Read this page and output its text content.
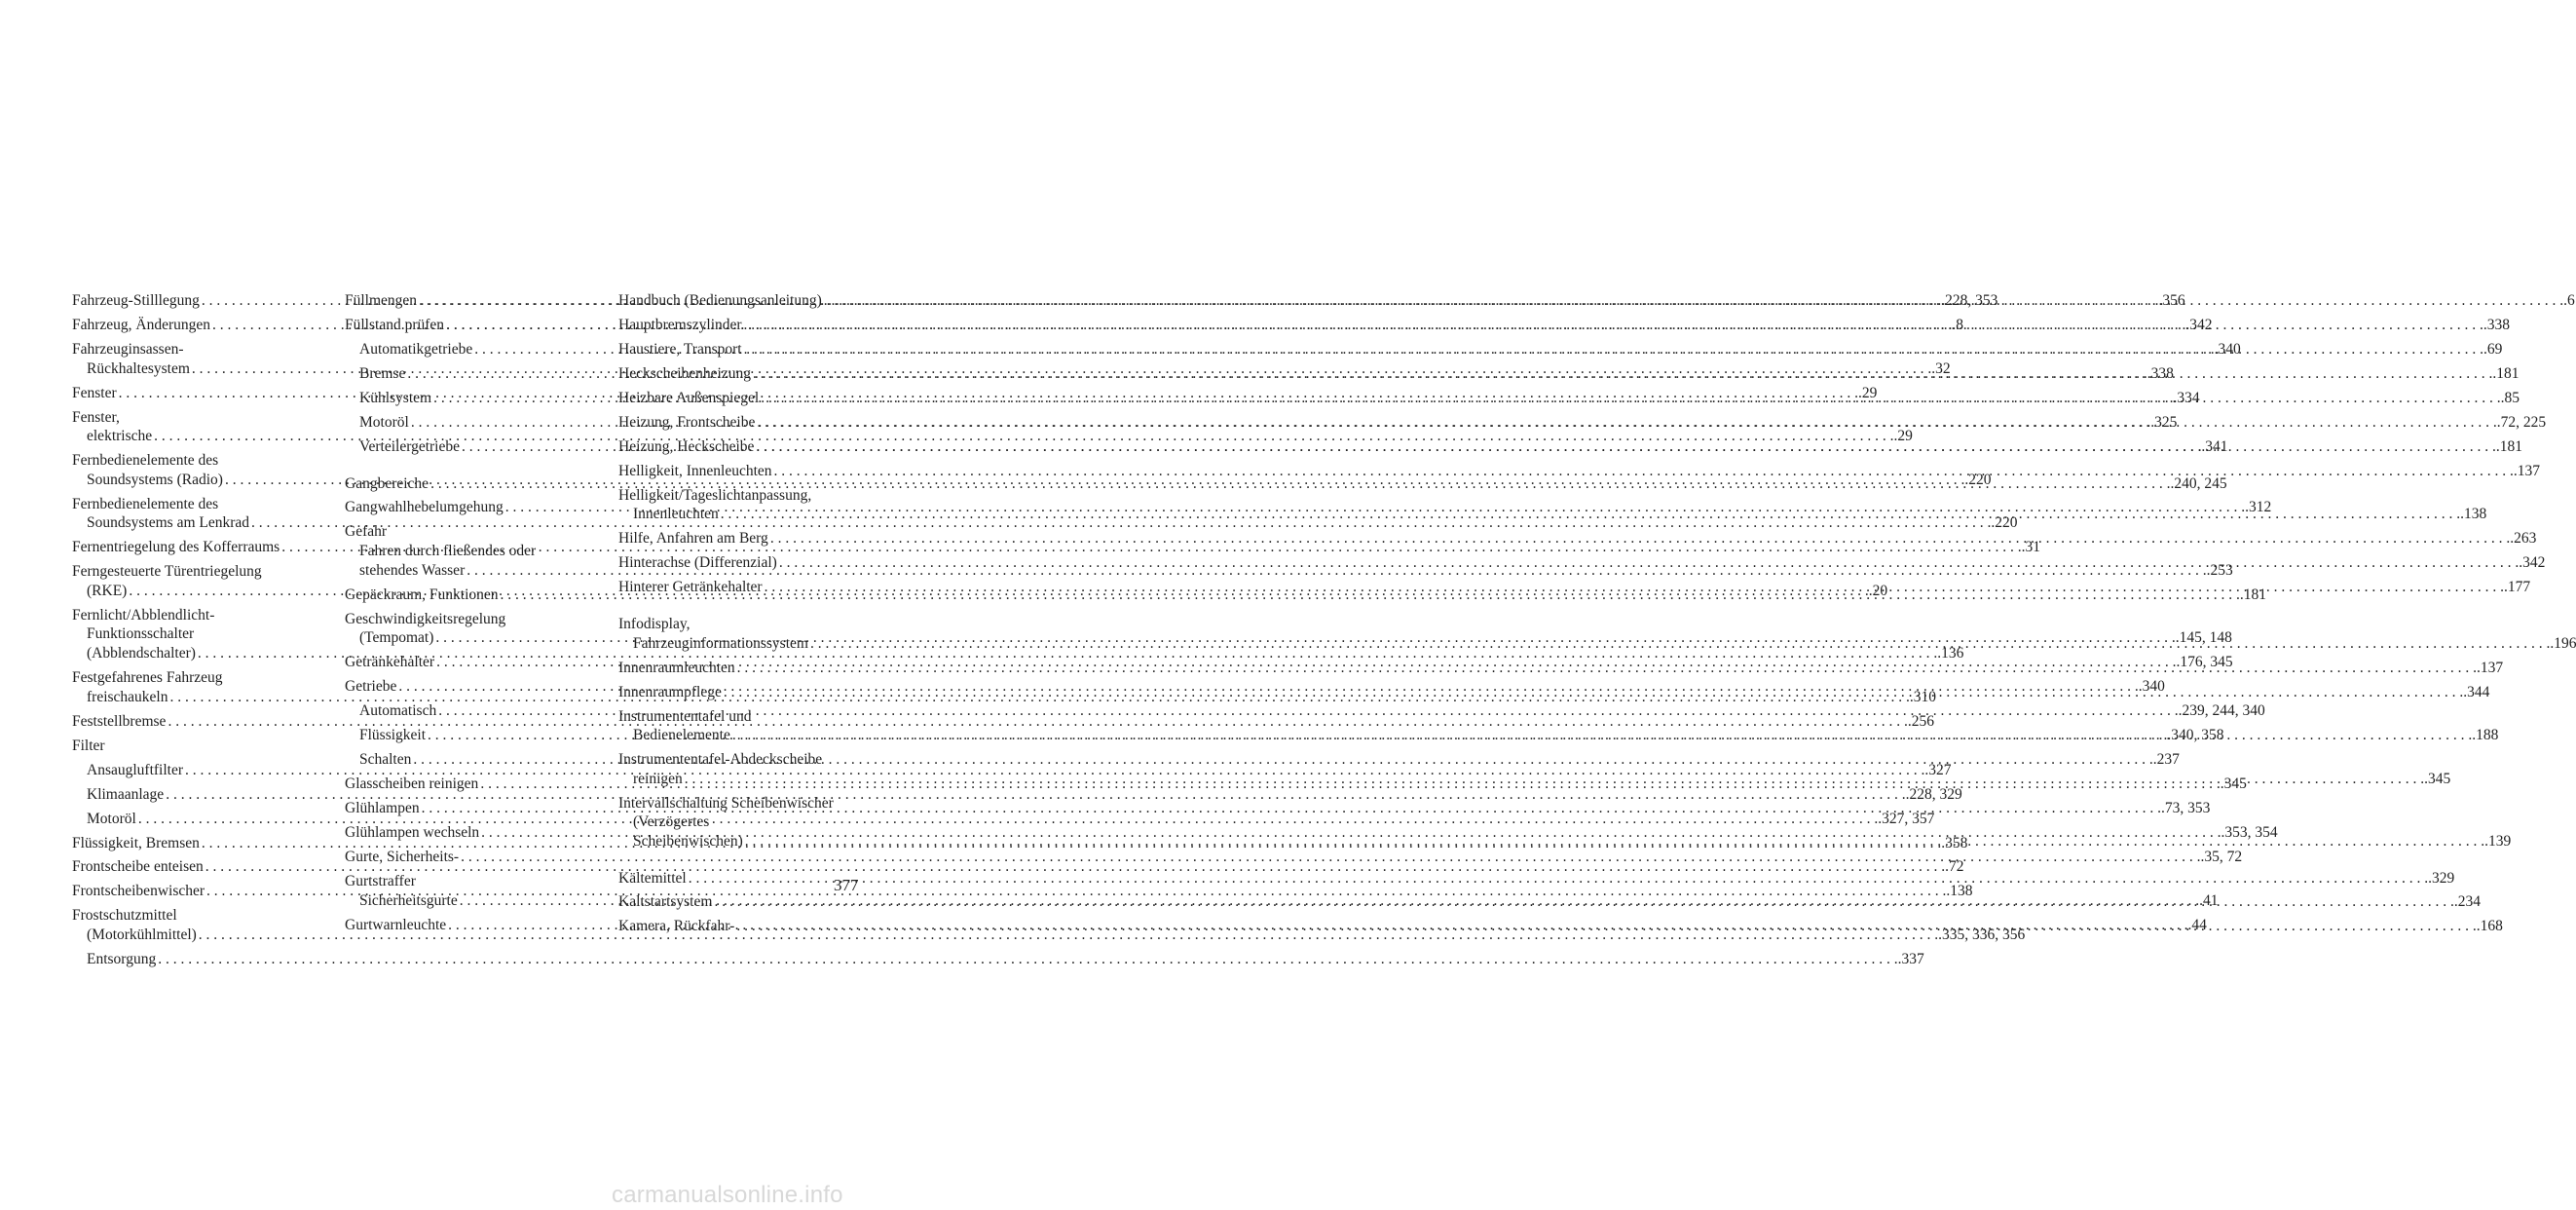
Fahrzeug-Stilllegung . . .	.228, 353
Fahrzeug, Änderungen . . .	.8
Fahrzeuginsassen-
Rückhaltesystem . . .	.32
Fenster . . .	.29
Fenster,
elektrische . . .	.29
Fernbedienelemente des
Soundsystems (Radio) . . .	.220
Fernbedienelemente des
Soundsystems am Lenkrad . . .	.220
Fernentriegelung des Kofferraums . . .	.31
Ferngesteuerte Türentriegelung
(RKE) . . .	.20
Fernlicht/Abblendlicht-
Funktionsschalter
(Abblendschalter) . . .	.136
Festgefahrenes Fahrzeug
freischaukeln . . .	.310
Feststellbremse . . .	.256
Filter
Ansaugluftfilter . . .	.327
Klimaanlage . . .	.228, 329
Motoröl . . .	.327, 357
Flüssigkeit, Bremsen . . .	.358
Frontscheibe enteisen . . .	.72
Frontscheibenwischer . . .	.138
Frostschutzmittel
(Motorkühlmittel) . . .	.335, 336, 356
Entsorgung . . .	.337
Füllmengen . . .	.356
Füllstand prüfen . . .	.342
Automatikgetriebe . . .	.340
Bremse . . .	.338
Kühlsystem . . .	.334
Motoröl . . .	.325
Verteilergetriebe . . .	.341
Gangbereiche . . .	.240, 245
Gangwahlhebelumgehung . . .	.312
Gefahr
Fahren durch fließendes oder
stehendes Wasser . . .	.253
Gepäckraum, Funktionen . . .	.181
Geschwindigkeitsregelung
(Tempomat) . . .	.145, 148
Getränkehalter . . .	.176, 345
Getriebe . . .	.340
Automatisch . . .	.239, 244, 340
Flüssigkeit . . .	.340, 358
Schalten . . .	.237
Glasscheiben reinigen . . .	.345
Glühlampen . . .	.73, 353
Glühlampen wechseln . . .	.353, 354
Gurte, Sicherheits- . . .	.35, 72
Gurtstraffer
Sicherheitsgurte . . .	.41
Gurtwarnleuchte . . .	.44
Handbuch (Bedienungsanleitung) . . .	.6
Hauptbremszylinder . . .	.338
Haustiere, Transport . . .	.69
Heckscheibenheizung . . .	.181
Heizbare Außenspiegel . . .	.85
Heizung, Frontscheibe . . .	.72, 225
Heizung, Heckscheibe . . .	.181
Helligkeit, Innenleuchten . . .	.137
Helligkeit/Tageslichtanpassung,
Innenleuchten . . .	.138
Hilfe, Anfahren am Berg . . .	.263
Hinterachse (Differenzial) . . .	.342
Hinterer Getränkehalter . . .	.177
Infodisplay,
Fahrzeuginformationssystem . . .	.196
Innenraumleuchten . . .	.137
Innenraumpflege . . .	.344
Instrumententafel und
Bedienelemente . . .	.188
Instrumententafel-Abdeckscheibe
reinigen . . .	.345
Intervallschaltung Scheibenwischer
(Verzögertes
Scheibenwischen) . . .	.139
Kältemittel . . .	.329
Kaltstartsystem . . .	.234
Kamera, Rückfahr- . . .	.168
377
carmanualsonline.info
